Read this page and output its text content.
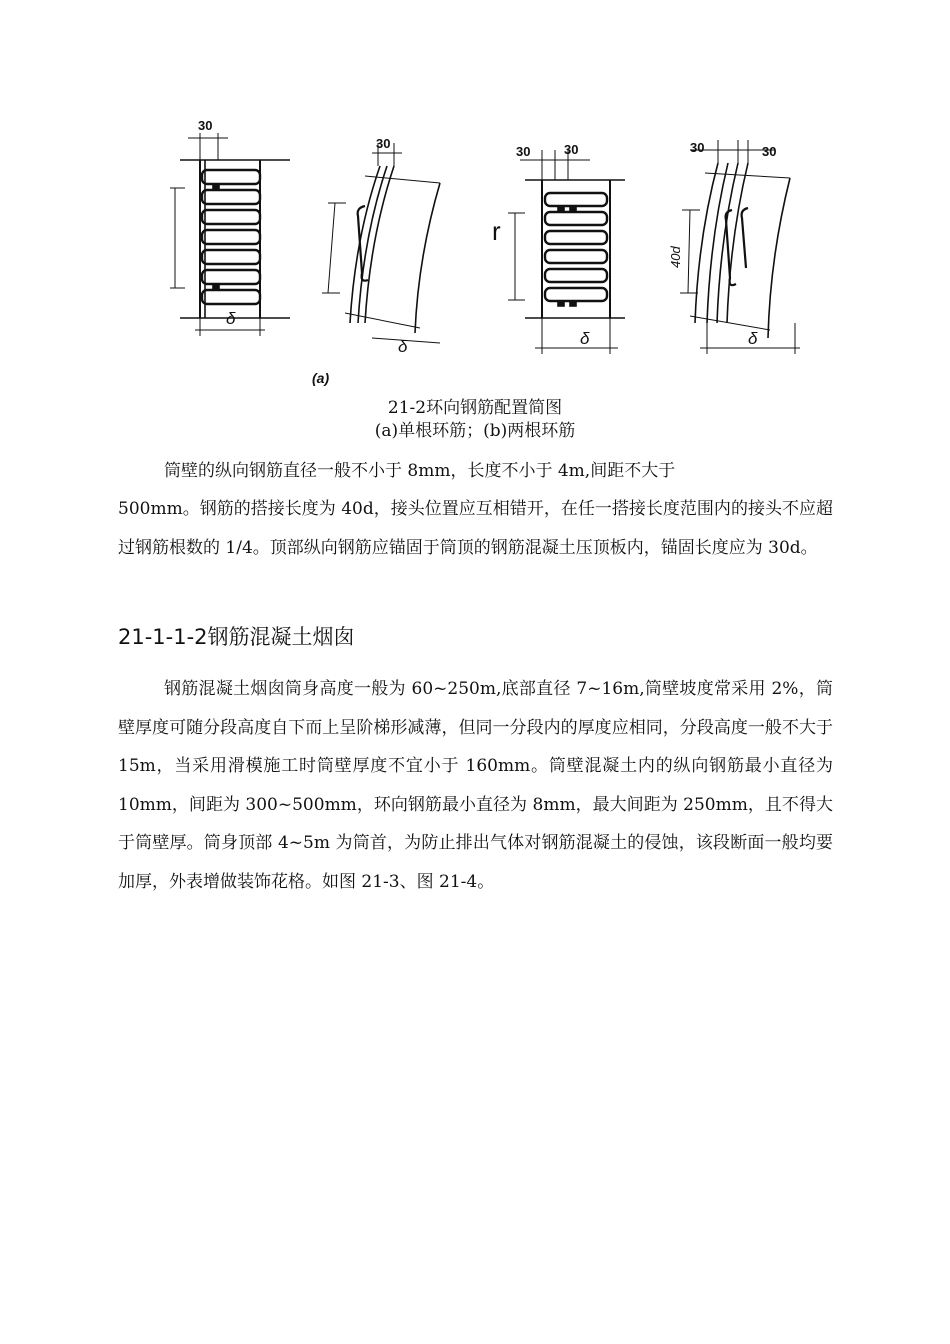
30
30
30	30	30	30
δ
δ	δ	δ
(a)
40d
r
21-2环向钢筋配置简图
(a)单根环筋；(b)两根环筋

筒壁的纵向钢筋直径一般不小于 8mm，长度不小于 4m,间距不大于

500mm。钢筋的搭接长度为 40d，接头位置应互相错开，在任一搭接长度范围内的接头不应超过钢筋根数的 1/4。顶部纵向钢筋应锚固于筒顶的钢筋混凝土压顶板内，锚固长度应为 30d。

21-1-1-2钢筋混凝土烟囱

钢筋混凝土烟囱筒身高度一般为 60~250m,底部直径 7~16m,筒壁坡度常采用 2%，筒壁厚度可随分段高度自下而上呈阶梯形减薄，但同一分段内的厚度应相同，分段高度一般不大于 15m，当采用滑模施工时筒壁厚度不宜小于 160mm。筒壁混凝土内的纵向钢筋最小直径为 10mm，间距为 300~500mm，环向钢筋最小直径为 8mm，最大间距为 250mm，且不得大于筒壁厚。筒身顶部 4~5m 为筒首，为防止排出气体对钢筋混凝土的侵蚀，该段断面一般均要加厚，外表增做装饰花格。如图 21-3、图 21-4。
